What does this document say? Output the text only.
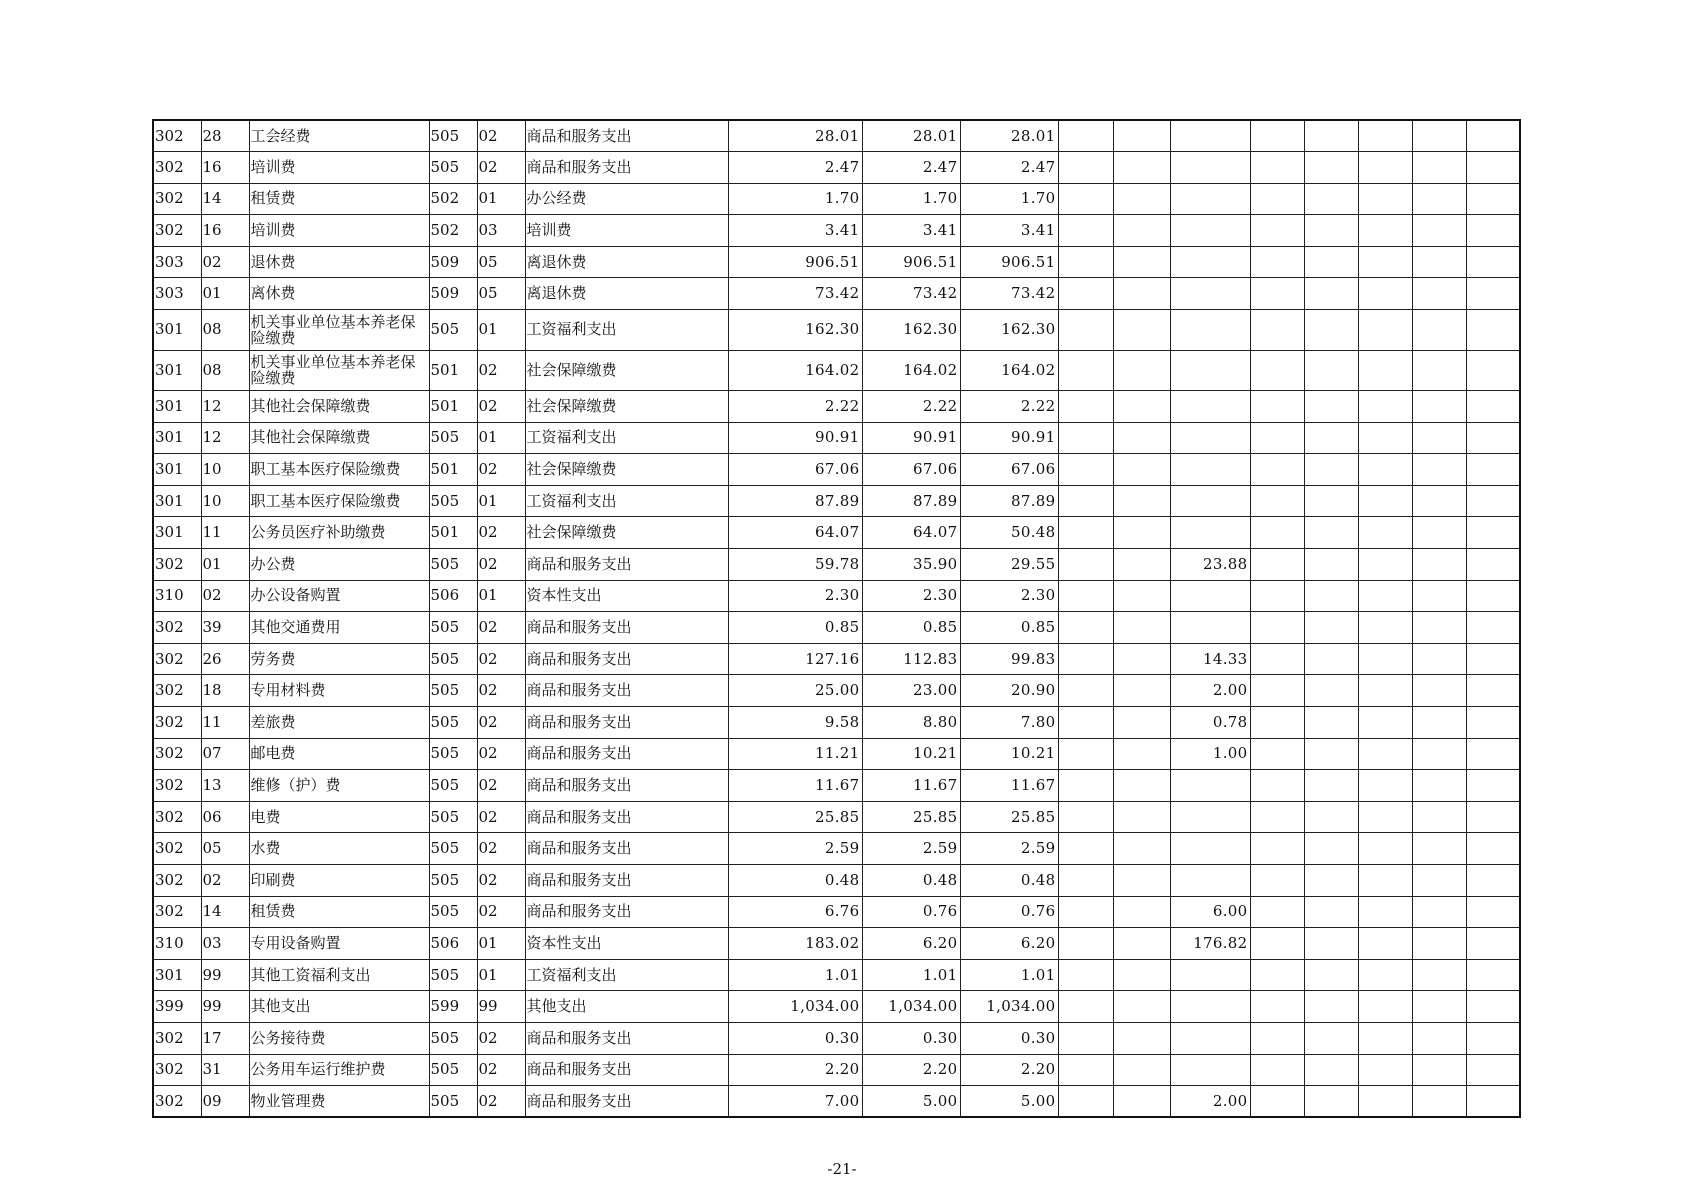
302	28	工会经费	505	02	商品和服务支出	28.01	28.01	28.01								
302	16	培训费	505	02	商品和服务支出	2.47	2.47	2.47								
302	14	租赁费	502	01	办公经费	1.70	1.70	1.70								
302	16	培训费	502	03	培训费	3.41	3.41	3.41								
303	02	退休费	509	05	离退休费	906.51	906.51	906.51								
303	01	离休费	509	05	离退休费	73.42	73.42	73.42								
301	08	机关事业单位基本养老保险缴费	505	01	工资福利支出	162.30	162.30	162.30								
301	08	机关事业单位基本养老保险缴费	501	02	社会保障缴费	164.02	164.02	164.02								
301	12	其他社会保障缴费	501	02	社会保障缴费	2.22	2.22	2.22								
301	12	其他社会保障缴费	505	01	工资福利支出	90.91	90.91	90.91								
301	10	职工基本医疗保险缴费	501	02	社会保障缴费	67.06	67.06	67.06								
301	10	职工基本医疗保险缴费	505	01	工资福利支出	87.89	87.89	87.89								
301	11	公务员医疗补助缴费	501	02	社会保障缴费	64.07	64.07	50.48								
302	01	办公费	505	02	商品和服务支出	59.78	35.90	29.55			23.88					
310	02	办公设备购置	506	01	资本性支出	2.30	2.30	2.30								
302	39	其他交通费用	505	02	商品和服务支出	0.85	0.85	0.85								
302	26	劳务费	505	02	商品和服务支出	127.16	112.83	99.83			14.33					
302	18	专用材料费	505	02	商品和服务支出	25.00	23.00	20.90			2.00					
302	11	差旅费	505	02	商品和服务支出	9.58	8.80	7.80			0.78					
302	07	邮电费	505	02	商品和服务支出	11.21	10.21	10.21			1.00					
302	13	维修（护）费	505	02	商品和服务支出	11.67	11.67	11.67								
302	06	电费	505	02	商品和服务支出	25.85	25.85	25.85								
302	05	水费	505	02	商品和服务支出	2.59	2.59	2.59								
302	02	印刷费	505	02	商品和服务支出	0.48	0.48	0.48								
302	14	租赁费	505	02	商品和服务支出	6.76	0.76	0.76			6.00					
310	03	专用设备购置	506	01	资本性支出	183.02	6.20	6.20			176.82					
301	99	其他工资福利支出	505	01	工资福利支出	1.01	1.01	1.01								
399	99	其他支出	599	99	其他支出	1,034.00	1,034.00	1,034.00								
302	17	公务接待费	505	02	商品和服务支出	0.30	0.30	0.30								
302	31	公务用车运行维护费	505	02	商品和服务支出	2.20	2.20	2.20								
302	09	物业管理费	505	02	商品和服务支出	7.00	5.00	5.00			2.00					
-21-
